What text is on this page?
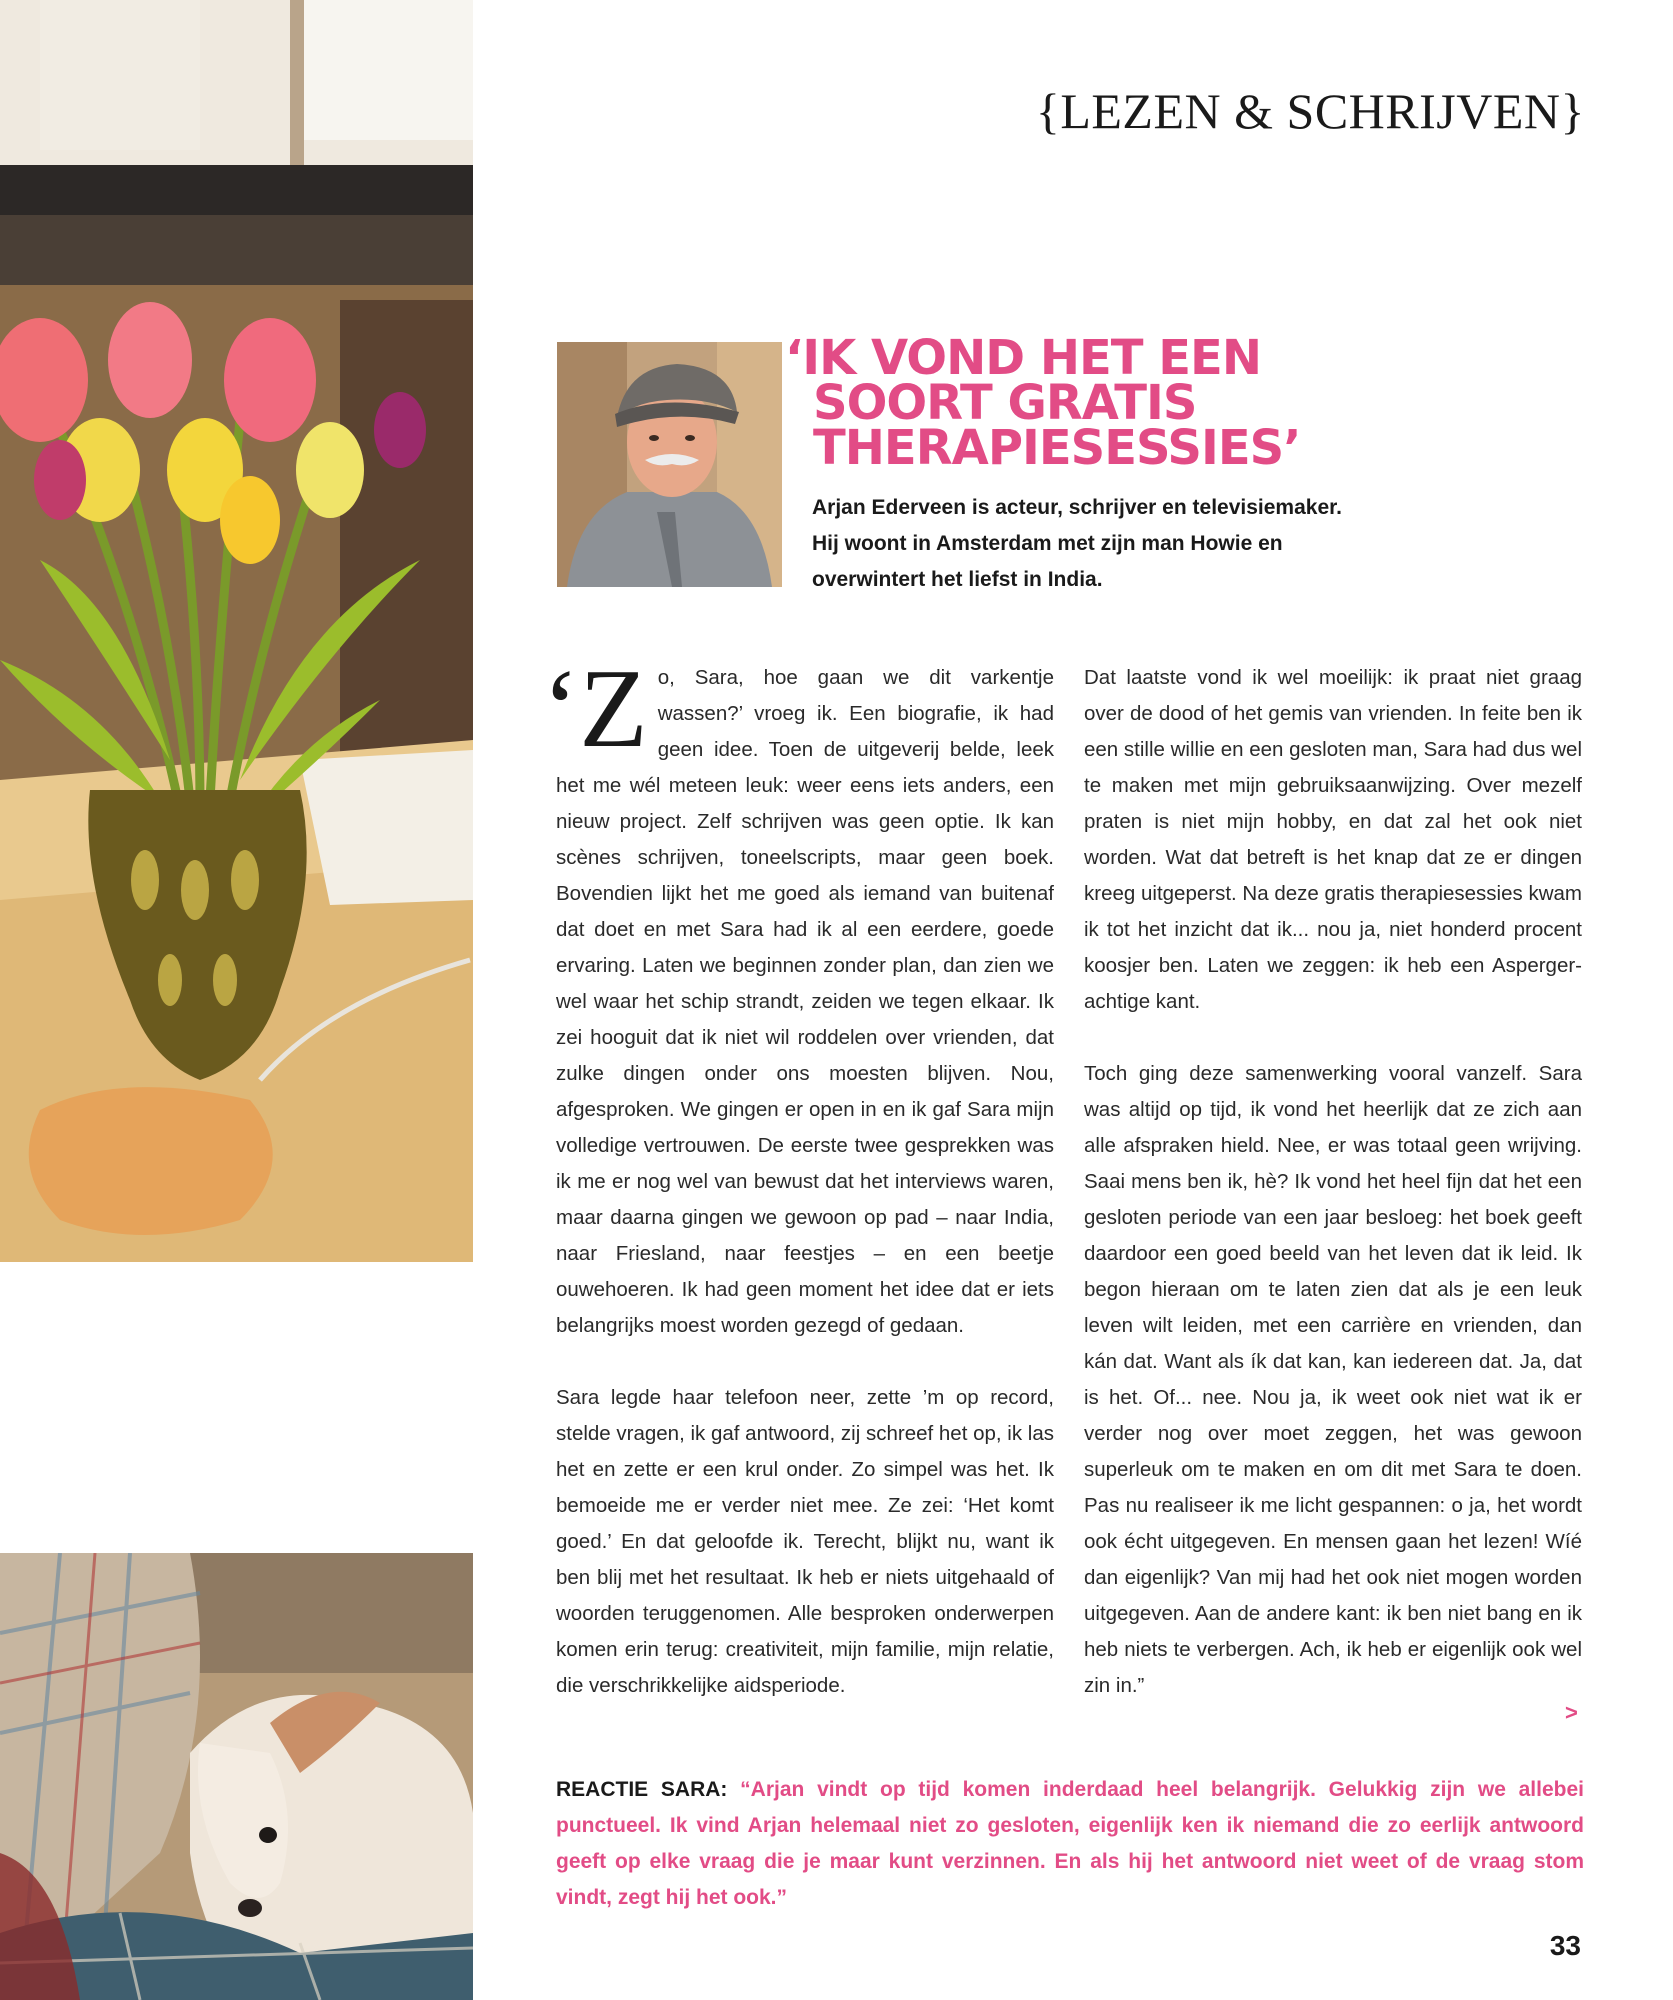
{LEZEN & SCHRIJVEN}
‘IK VOND HET EEN
SOORT GRATIS
THERAPIESESSIES’

Arjan Ederveen is acteur, schrijver en televisiemaker. Hij woont in Amsterdam met zijn man Howie en overwintert het liefst in India.

‘Zo, Sara, hoe gaan we dit varkentje wassen?’ vroeg ik. Een biografie, ik had geen idee. Toen de uitgeverij belde, leek het me wél meteen leuk: weer eens iets anders, een nieuw project. Zelf schrijven was geen optie. Ik kan scènes schrijven, toneelscripts, maar geen boek. Bovendien lijkt het me goed als iemand van buitenaf dat doet en met Sara had ik al een eerdere, goede ervaring. Laten we beginnen zonder plan, dan zien we wel waar het schip strandt, zeiden we tegen elkaar. Ik zei hooguit dat ik niet wil roddelen over vrienden, dat zulke dingen onder ons moesten blijven. Nou, afgesproken. We gingen er open in en ik gaf Sara mijn volledige vertrouwen. De eerste twee gesprekken was ik me er nog wel van bewust dat het interviews waren, maar daarna gingen we gewoon op pad – naar India, naar Friesland, naar feestjes – en een beetje ouwehoeren. Ik had geen moment het idee dat er iets belangrijks moest worden gezegd of gedaan.

Sara legde haar telefoon neer, zette ’m op record, stelde vragen, ik gaf antwoord, zij schreef het op, ik las het en zette er een krul onder. Zo simpel was het. Ik bemoeide me er verder niet mee. Ze zei: ‘Het komt goed.’ En dat geloofde ik. Terecht, blijkt nu, want ik ben blij met het resultaat. Ik heb er niets uitgehaald of woorden teruggenomen. Alle besproken onderwerpen komen erin terug: creativiteit, mijn familie, mijn relatie, die verschrikkelijke aidsperiode.

Dat laatste vond ik wel moeilijk: ik praat niet graag over de dood of het gemis van vrienden. In feite ben ik een stille willie en een gesloten man, Sara had dus wel te maken met mijn gebruiksaanwijzing. Over mezelf praten is niet mijn hobby, en dat zal het ook niet worden. Wat dat betreft is het knap dat ze er dingen kreeg uitgeperst. Na deze gratis therapiesessies kwam ik tot het inzicht dat ik... nou ja, niet honderd procent koosjer ben. Laten we zeggen: ik heb een Asperger-achtige kant.

Toch ging deze samenwerking vooral vanzelf. Sara was altijd op tijd, ik vond het heerlijk dat ze zich aan alle afspraken hield. Nee, er was totaal geen wrijving. Saai mens ben ik, hè? Ik vond het heel fijn dat het een gesloten periode van een jaar besloeg: het boek geeft daardoor een goed beeld van het leven dat ik leid. Ik begon hieraan om te laten zien dat als je een leuk leven wilt leiden, met een carrière en vrienden, dan kán dat. Want als ík dat kan, kan iedereen dat. Ja, dat is het. Of... nee. Nou ja, ik weet ook niet wat ik er verder nog over moet zeggen, het was gewoon superleuk om te maken en om dit met Sara te doen. Pas nu realiseer ik me licht gespannen: o ja, het wordt ook écht uitgegeven. En mensen gaan het lezen! Wíé dan eigenlijk? Van mij had het ook niet mogen worden uitgegeven. Aan de andere kant: ik ben niet bang en ik heb niets te verbergen. Ach, ik heb er eigenlijk ook wel zin in.”

>

REACTIE SARA: “Arjan vindt op tijd komen inderdaad heel belangrijk. Gelukkig zijn we allebei punctueel. Ik vind Arjan helemaal niet zo gesloten, eigenlijk ken ik niemand die zo eerlijk antwoord geeft op elke vraag die je maar kunt verzinnen. En als hij het antwoord niet weet of de vraag stom vindt, zegt hij het ook.”

33
